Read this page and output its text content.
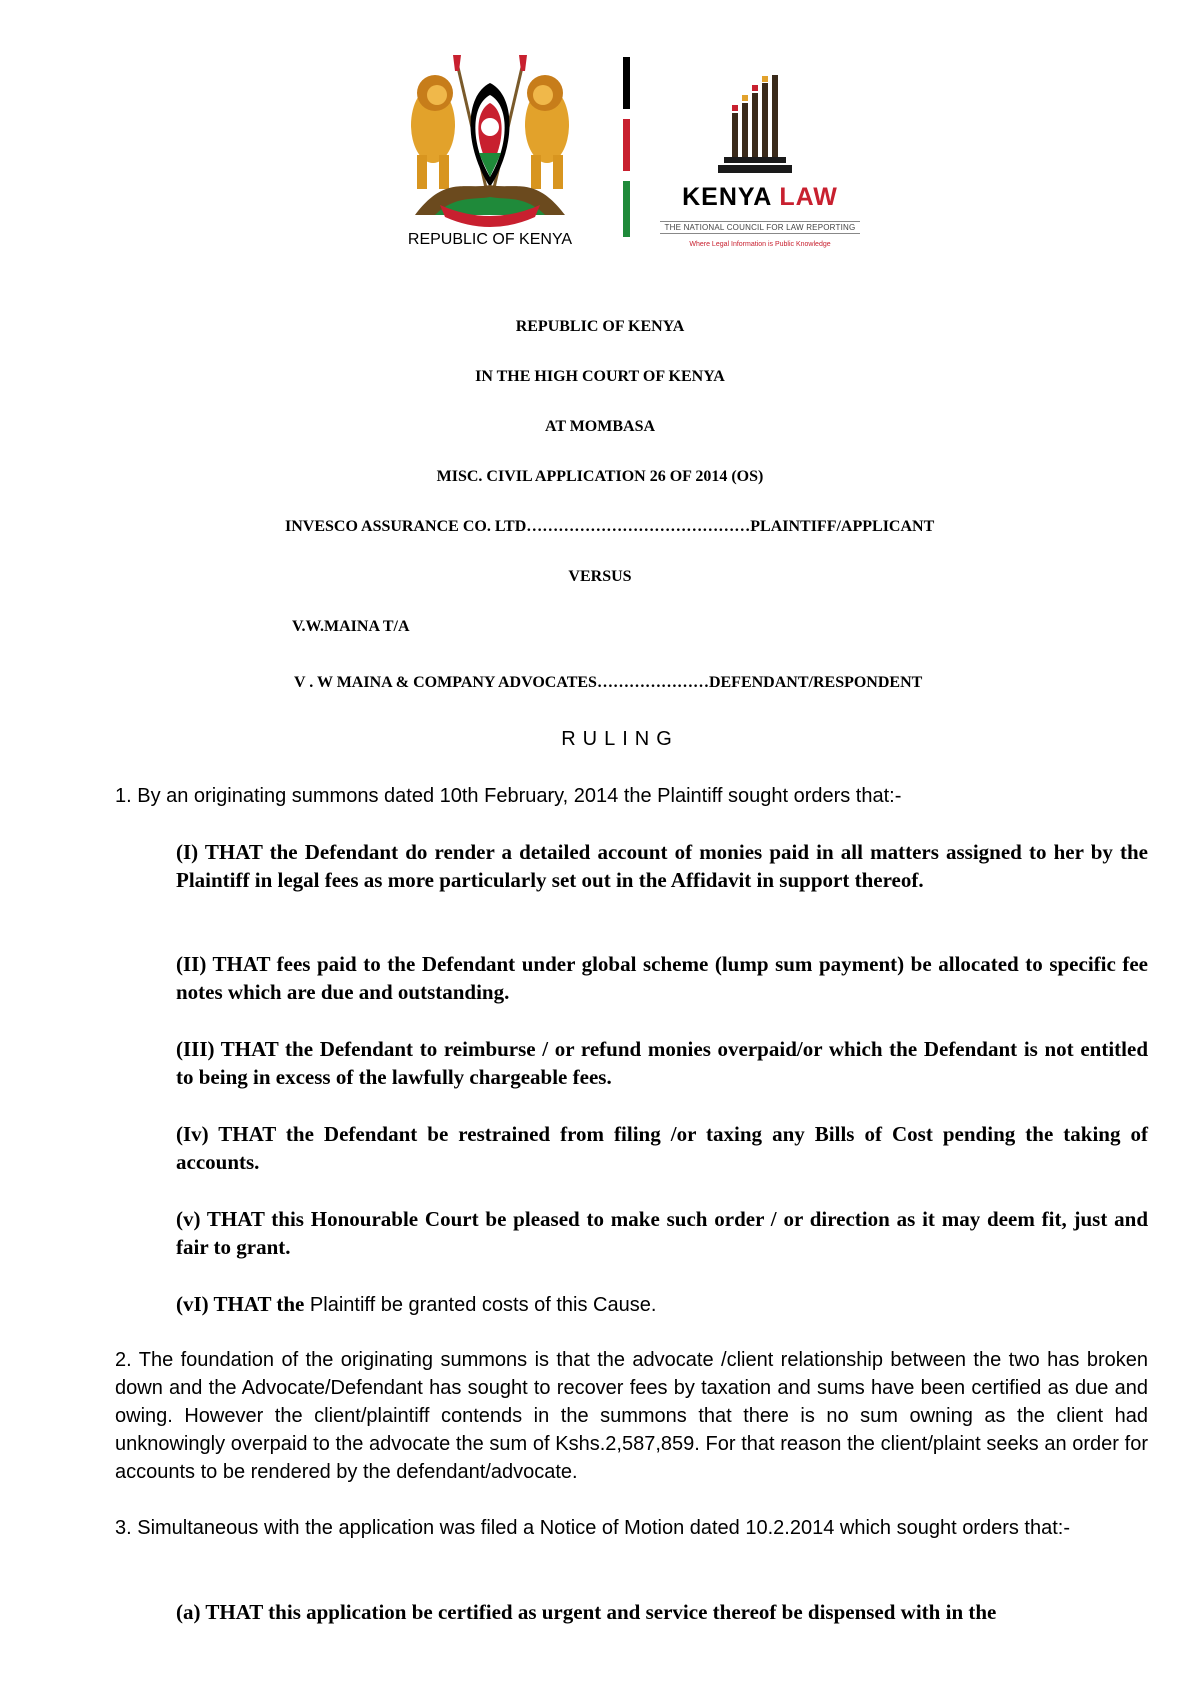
REPUBLIC OF KENYA
KENYA LAW
THE NATIONAL COUNCIL FOR LAW REPORTING
Where Legal Information is Public Knowledge
REPUBLIC OF KENYA
IN THE HIGH COURT OF KENYA
AT MOMBASA
MISC. CIVIL APPLICATION 26 OF 2014 (OS)
INVESCO ASSURANCE CO. LTD……………………………………PLAINTIFF/APPLICANT
VERSUS
V.W.MAINA T/A
V . W MAINA & COMPANY ADVOCATES…………………DEFENDANT/RESPONDENT
RULING
1. By an originating summons dated 10th February, 2014 the Plaintiff sought orders that:-
(I) THAT the Defendant do render a detailed account of monies paid in all matters assigned to her by the Plaintiff in legal fees as more particularly set out in the Affidavit in support thereof.
(II) THAT fees paid to the Defendant under global scheme (lump sum payment) be allocated to specific fee notes which are due and outstanding.
(III) THAT the Defendant to reimburse / or refund monies overpaid/or which the Defendant is not entitled to being in excess of the lawfully chargeable fees.
(Iv) THAT the Defendant be restrained from filing /or taxing any Bills of Cost pending the taking of accounts.
(v) THAT this Honourable Court be pleased to make such order / or direction as it may deem fit, just and fair to grant.
(vI) THAT the Plaintiff be granted costs of this Cause.
2. The foundation of the originating summons is that the advocate /client relationship between the two has broken down and the Advocate/Defendant has sought to recover fees by taxation and sums have been certified as due and owing. However the client/plaintiff contends in the summons that there is no sum owning as the client had unknowingly overpaid to the advocate the sum of Kshs.2,587,859. For that reason the client/plaint seeks an order for accounts to be rendered by the defendant/advocate.
3. Simultaneous with the application was filed a Notice of Motion dated 10.2.2014 which sought orders that:-
(a) THAT this application be certified as urgent and service thereof be dispensed with in the
